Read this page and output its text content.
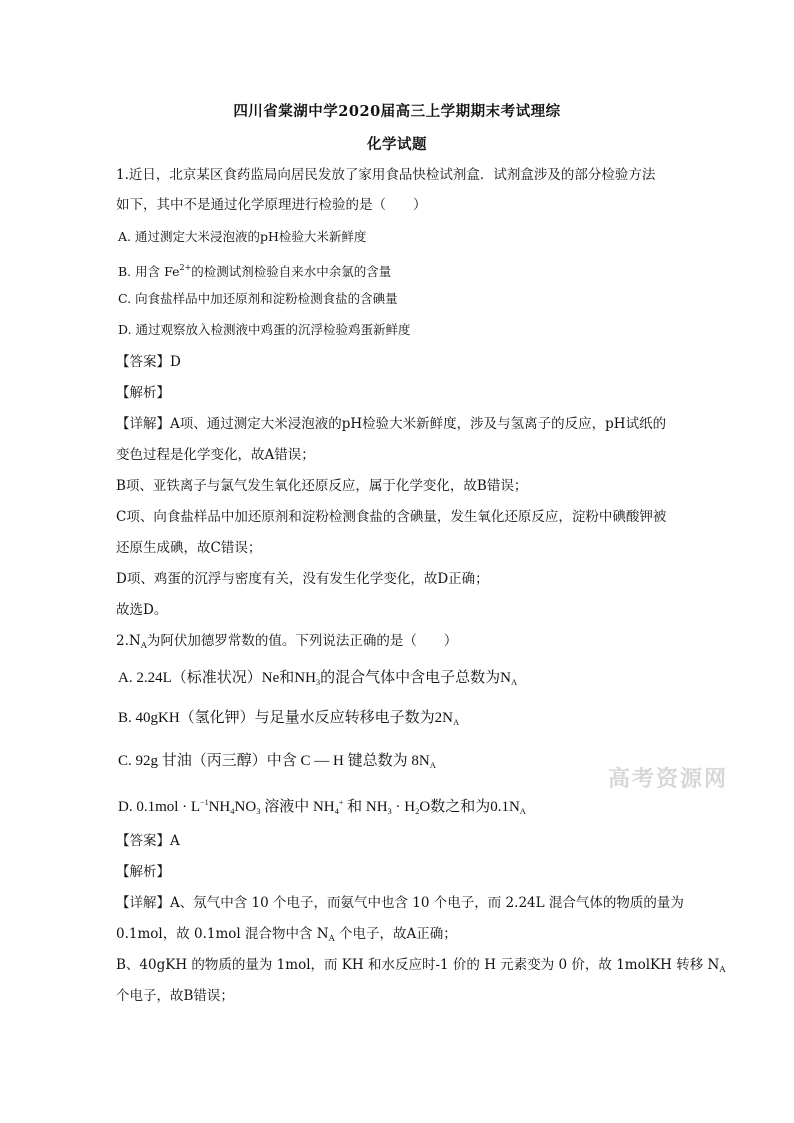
四川省棠湖中学2020届高三上学期期末考试理综
化学试题
1.近日，北京某区食药监局向居民发放了家用食品快检试剂盒．试剂盒涉及的部分检验方法
如下，其中不是通过化学原理进行检验的是（　　）
A. 通过测定大米浸泡液的pH检验大米新鲜度
B. 用含 $Fe^{2+}$的检测试剂检验自来水中余氯的含量
C. 向食盐样品中加还原剂和淀粉检测食盐的含碘量
D. 通过观察放入检测液中鸡蛋的沉浮检验鸡蛋新鲜度
【答案】D
【解析】
【详解】A项、通过测定大米浸泡液的pH检验大米新鲜度，涉及与氢离子的反应，pH试纸的
变色过程是化学变化，故A错误；
B项、亚铁离子与氯气发生氧化还原反应，属于化学变化，故B错误；
C项、向食盐样品中加还原剂和淀粉检测食盐的含碘量，发生氧化还原反应，淀粉中碘酸钾被
还原生成碘，故C错误；
D项、鸡蛋的沉浮与密度有关，没有发生化学变化，故D正确；
故选D。
$2.N_A$为阿伏加德罗常数的值。下列说法正确的是（　　）
A. 2.24L（标准状况）Ne和$NH_3$的混合气体中含电子总数为$N_A$
B. 40gKH（氢化钾）与足量水反应转移电子数为$2N_A$
C. 92g 甘油（丙三醇）中含 C — H 键总数为 $8N_A$
D. $0.1mol \cdot L^{-1}NH_4NO_3$ 溶液中 $NH_4^+$ 和 $NH_3 \cdot H_2O$数之和为$0.1N_A$
【答案】A
【解析】
【详解】A、氖气中含 10 个电子，而氨气中也含 10 个电子，而 2.24L 混合气体的物质的量为
0.1mol，故 0.1mol 混合物中含 $N_A$ 个电子，故A正确；
B、40gKH 的物质的量为 1mol，而 KH 和水反应时-1 价的 H 元素变为 0 价，故 1molKH 转移 $N_A$
个电子，故B错误；
高考资源网
